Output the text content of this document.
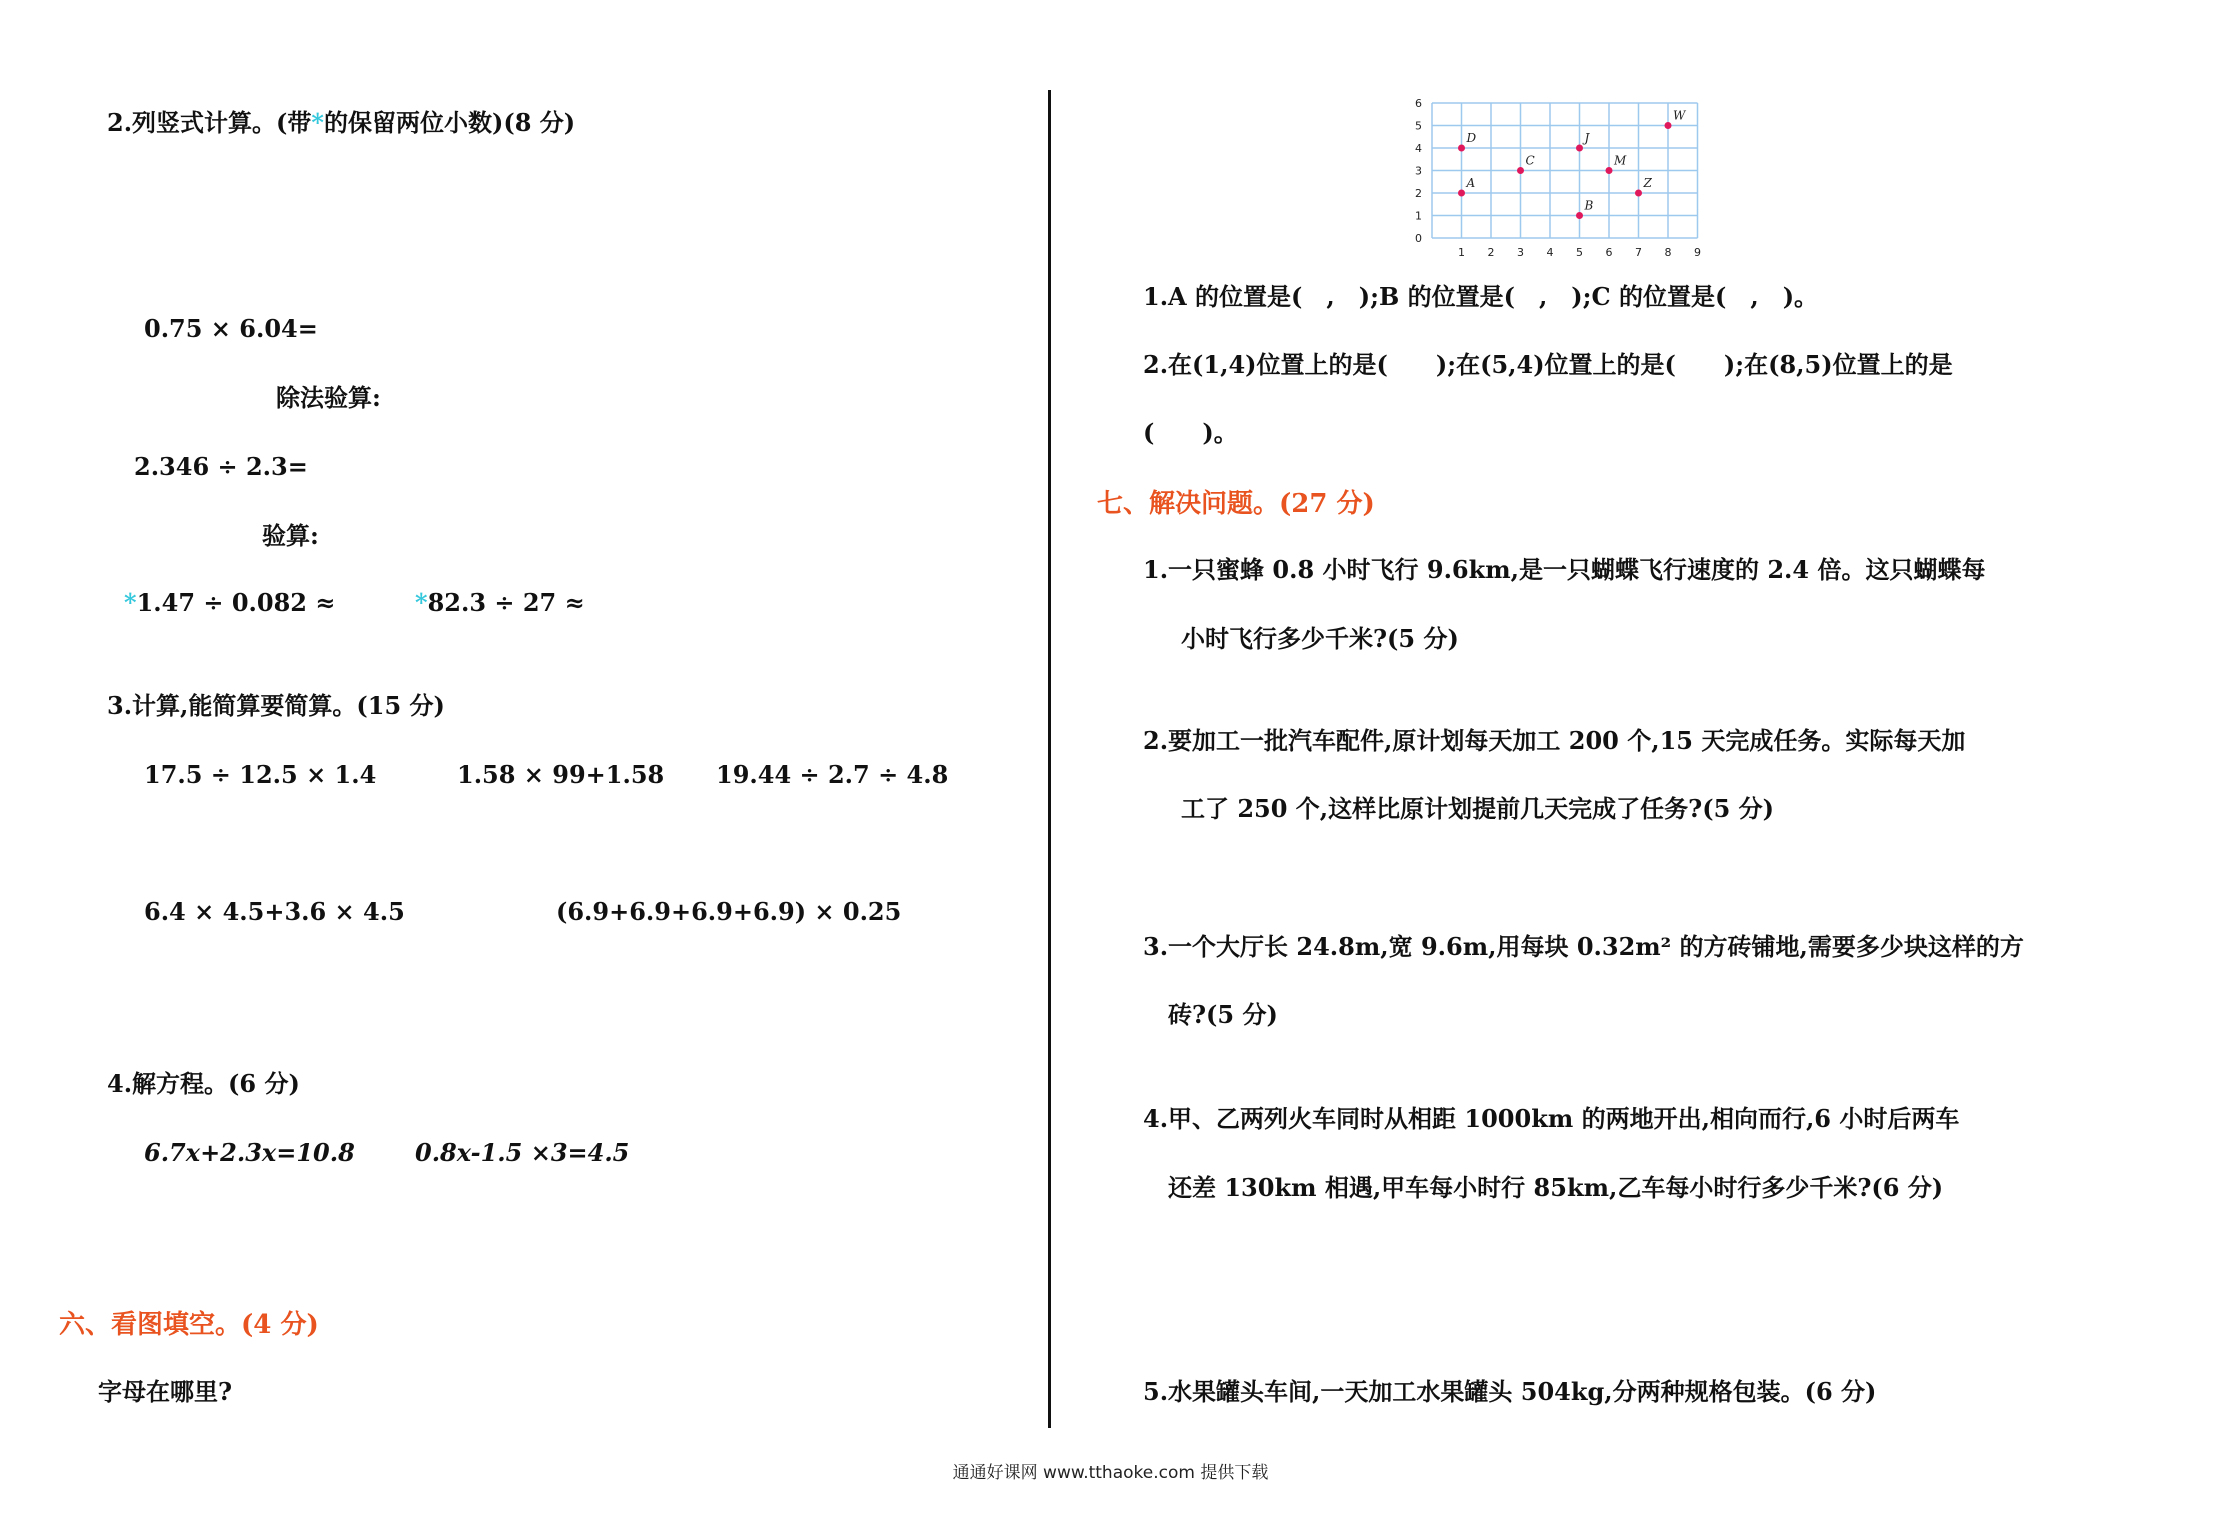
2.列竖式计算。(带*的保留两位小数)(8 分)
0.75 × 6.04=
除法验算:
2.346 ÷ 2.3=
验算:
*1.47 ÷ 0.082 ≈	*82.3 ÷ 27 ≈
3.计算,能简算要简算。(15 分)
17.5 ÷ 12.5 × 1.4	1.58 × 99+1.58 19.44 ÷ 2.7 ÷ 4.8
6.4 × 4.5+3.6 × 4.5	(6.9+6.9+6.9+6.9) × 0.25
4.解方程。(6 分)
6.7x+2.3x=10.8	0.8x-1.5 ×3=4.5
六、看图填空。(4 分)
字母在哪里?
1 2 3 4 5 6 7 8 9
0
1
2
3
4
5
6
A
D
C
J
B
M
Z
W
1.A 的位置是(　,　);B 的位置是(　,　);C 的位置是(　,　)。
2.在(1,4)位置上的是(　　);在(5,4)位置上的是(　　);在(8,5)位置上的是
(　　)。
七、解决问题。(27 分)
1.一只蜜蜂 0.8 小时飞行 9.6km,是一只蝴蝶飞行速度的 2.4 倍。这只蝴蝶每
小时飞行多少千米?(5 分)
2.要加工一批汽车配件,原计划每天加工 200 个,15 天完成任务。实际每天加
工了 250 个,这样比原计划提前几天完成了任务?(5 分)
3.一个大厅长 24.8m,宽 9.6m,用每块 0.32m² 的方砖铺地,需要多少块这样的方
砖?(5 分)
4.甲、乙两列火车同时从相距 1000km 的两地开出,相向而行,6 小时后两车
还差 130km 相遇,甲车每小时行 85km,乙车每小时行多少千米?(6 分)
5.水果罐头车间,一天加工水果罐头 504kg,分两种规格包装。(6 分)
通通好课网 www.tthaoke.com 提供下载
